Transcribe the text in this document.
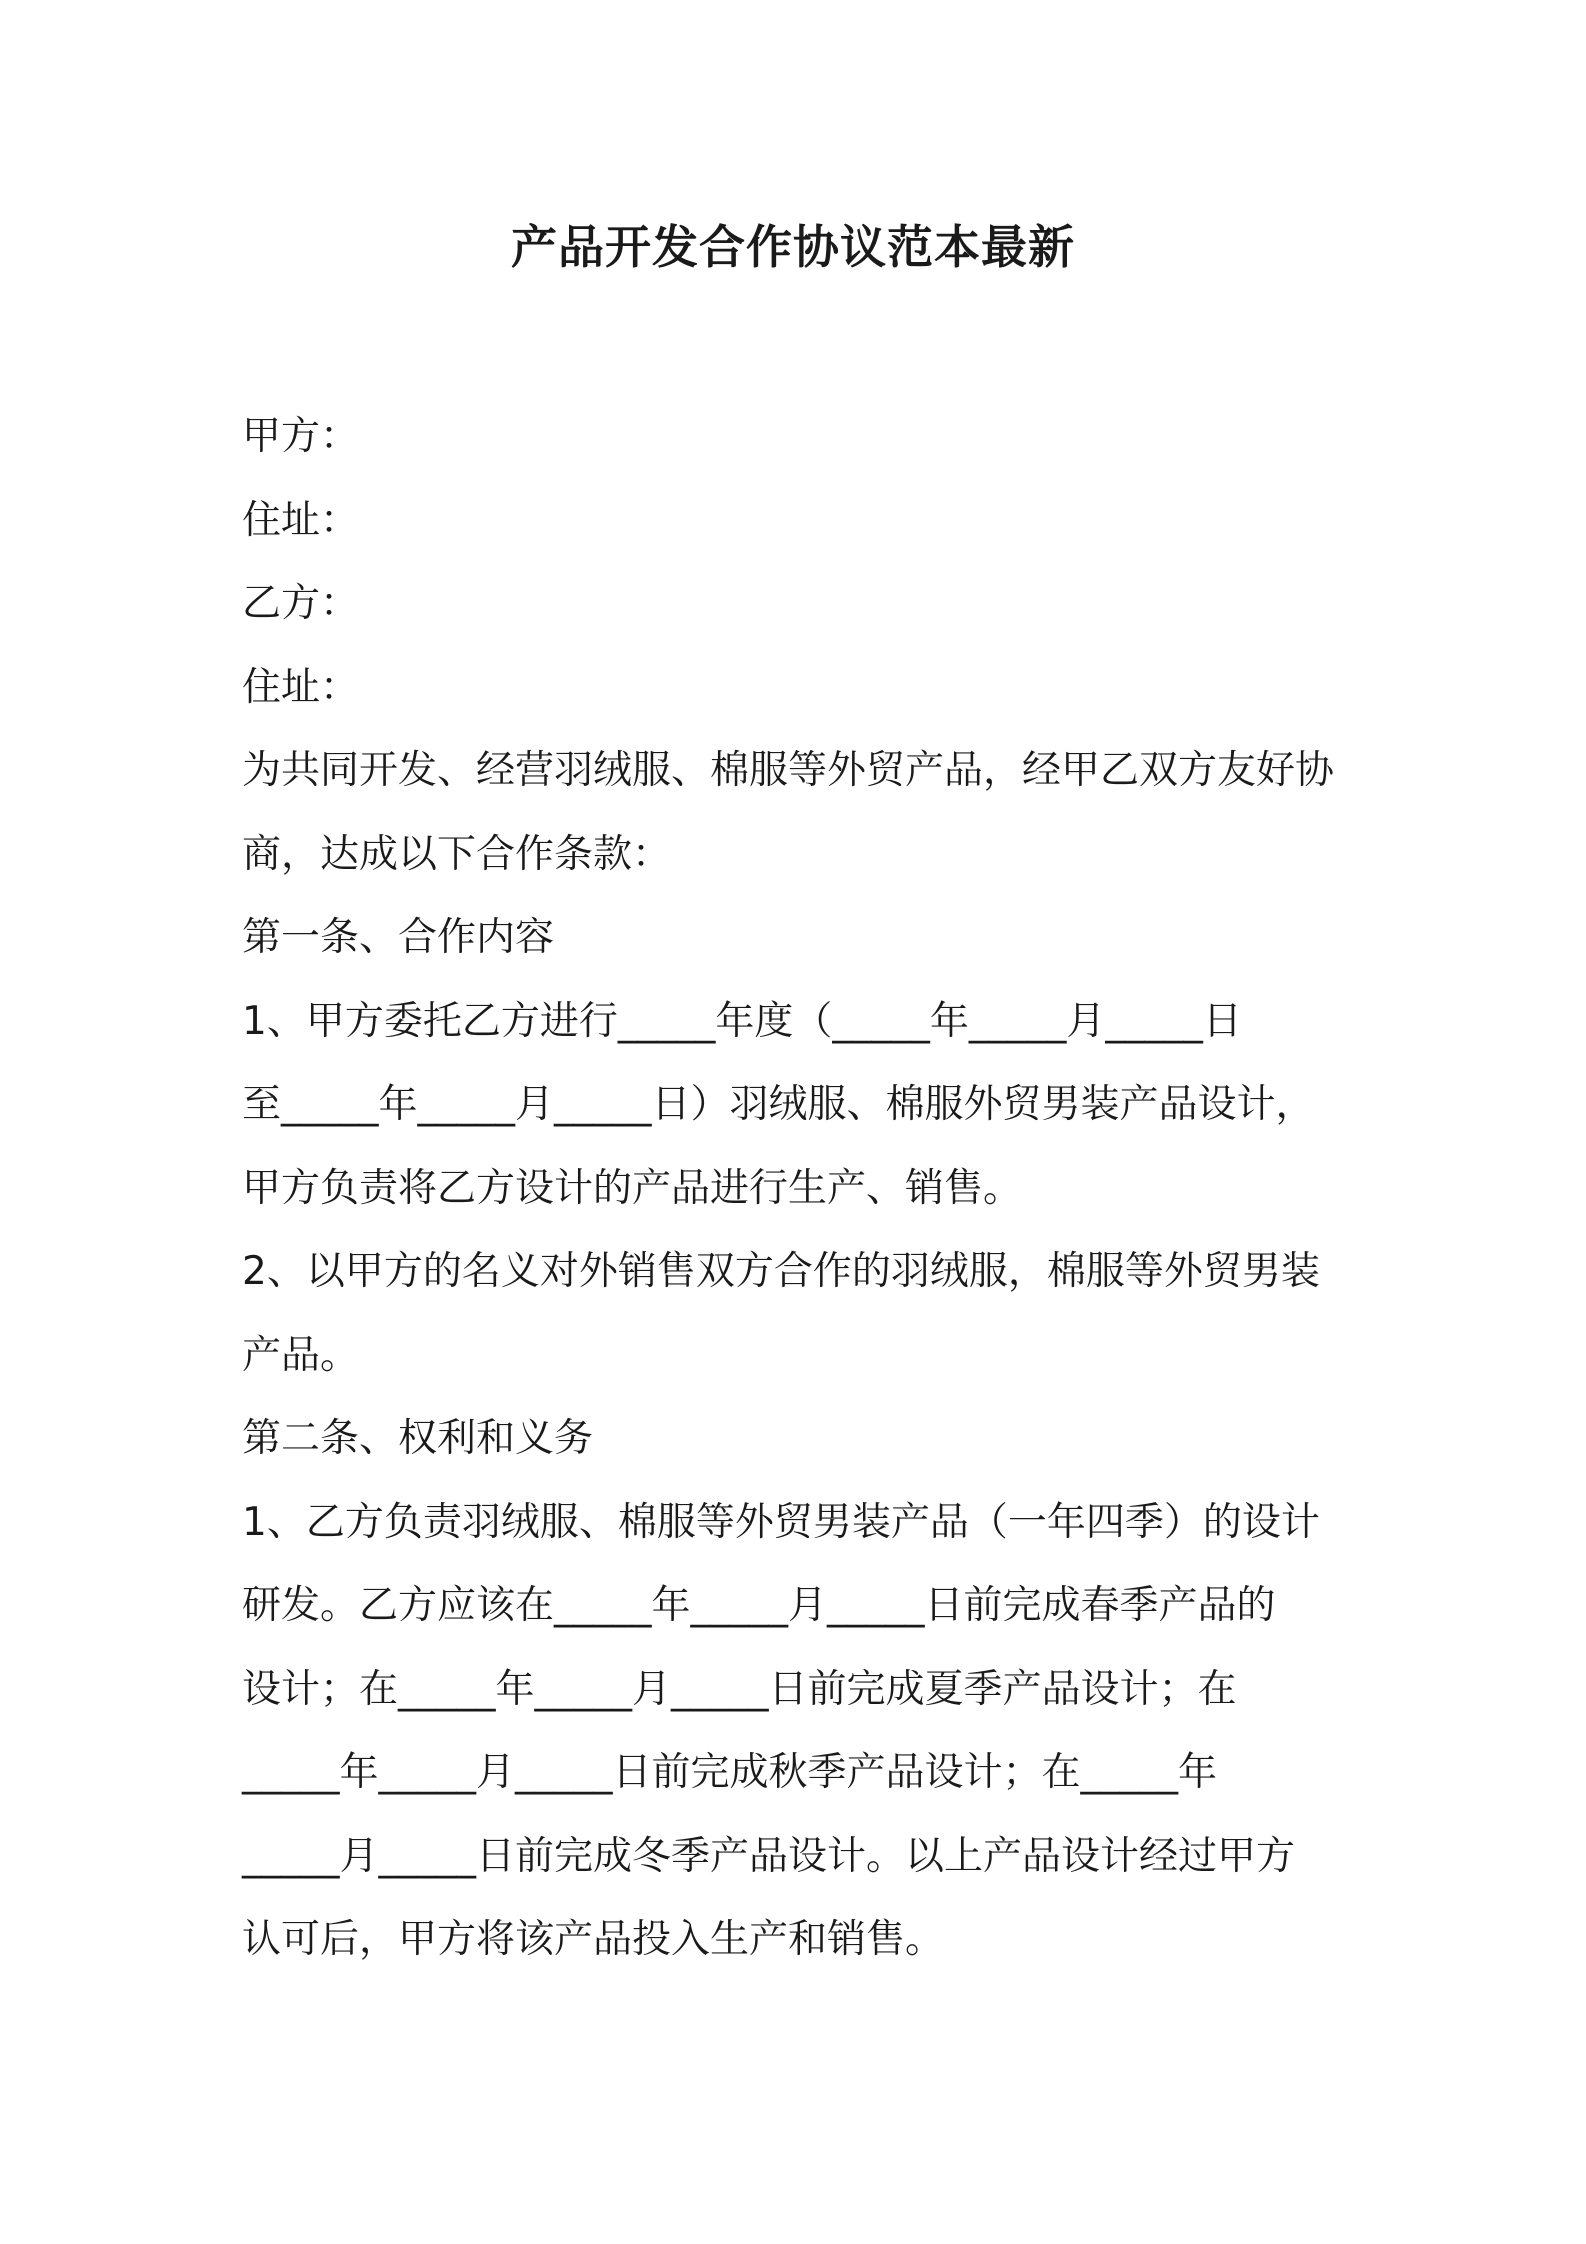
产品开发合作协议范本最新
甲方：
住址：
乙方：
住址：
为共同开发、经营羽绒服、棉服等外贸产品，经甲乙双方友好协
商，达成以下合作条款：
第一条、合作内容
1、甲方委托乙方进行_____年度（_____年_____月_____日
至_____年_____月_____日）羽绒服、棉服外贸男装产品设计，
甲方负责将乙方设计的产品进行生产、销售。
2、以甲方的名义对外销售双方合作的羽绒服，棉服等外贸男装
产品。
第二条、权利和义务
1、乙方负责羽绒服、棉服等外贸男装产品（一年四季）的设计
研发。乙方应该在_____年_____月_____日前完成春季产品的
设计；在_____年_____月_____日前完成夏季产品设计；在
_____年_____月_____日前完成秋季产品设计；在_____年
_____月_____日前完成冬季产品设计。以上产品设计经过甲方
认可后，甲方将该产品投入生产和销售。
